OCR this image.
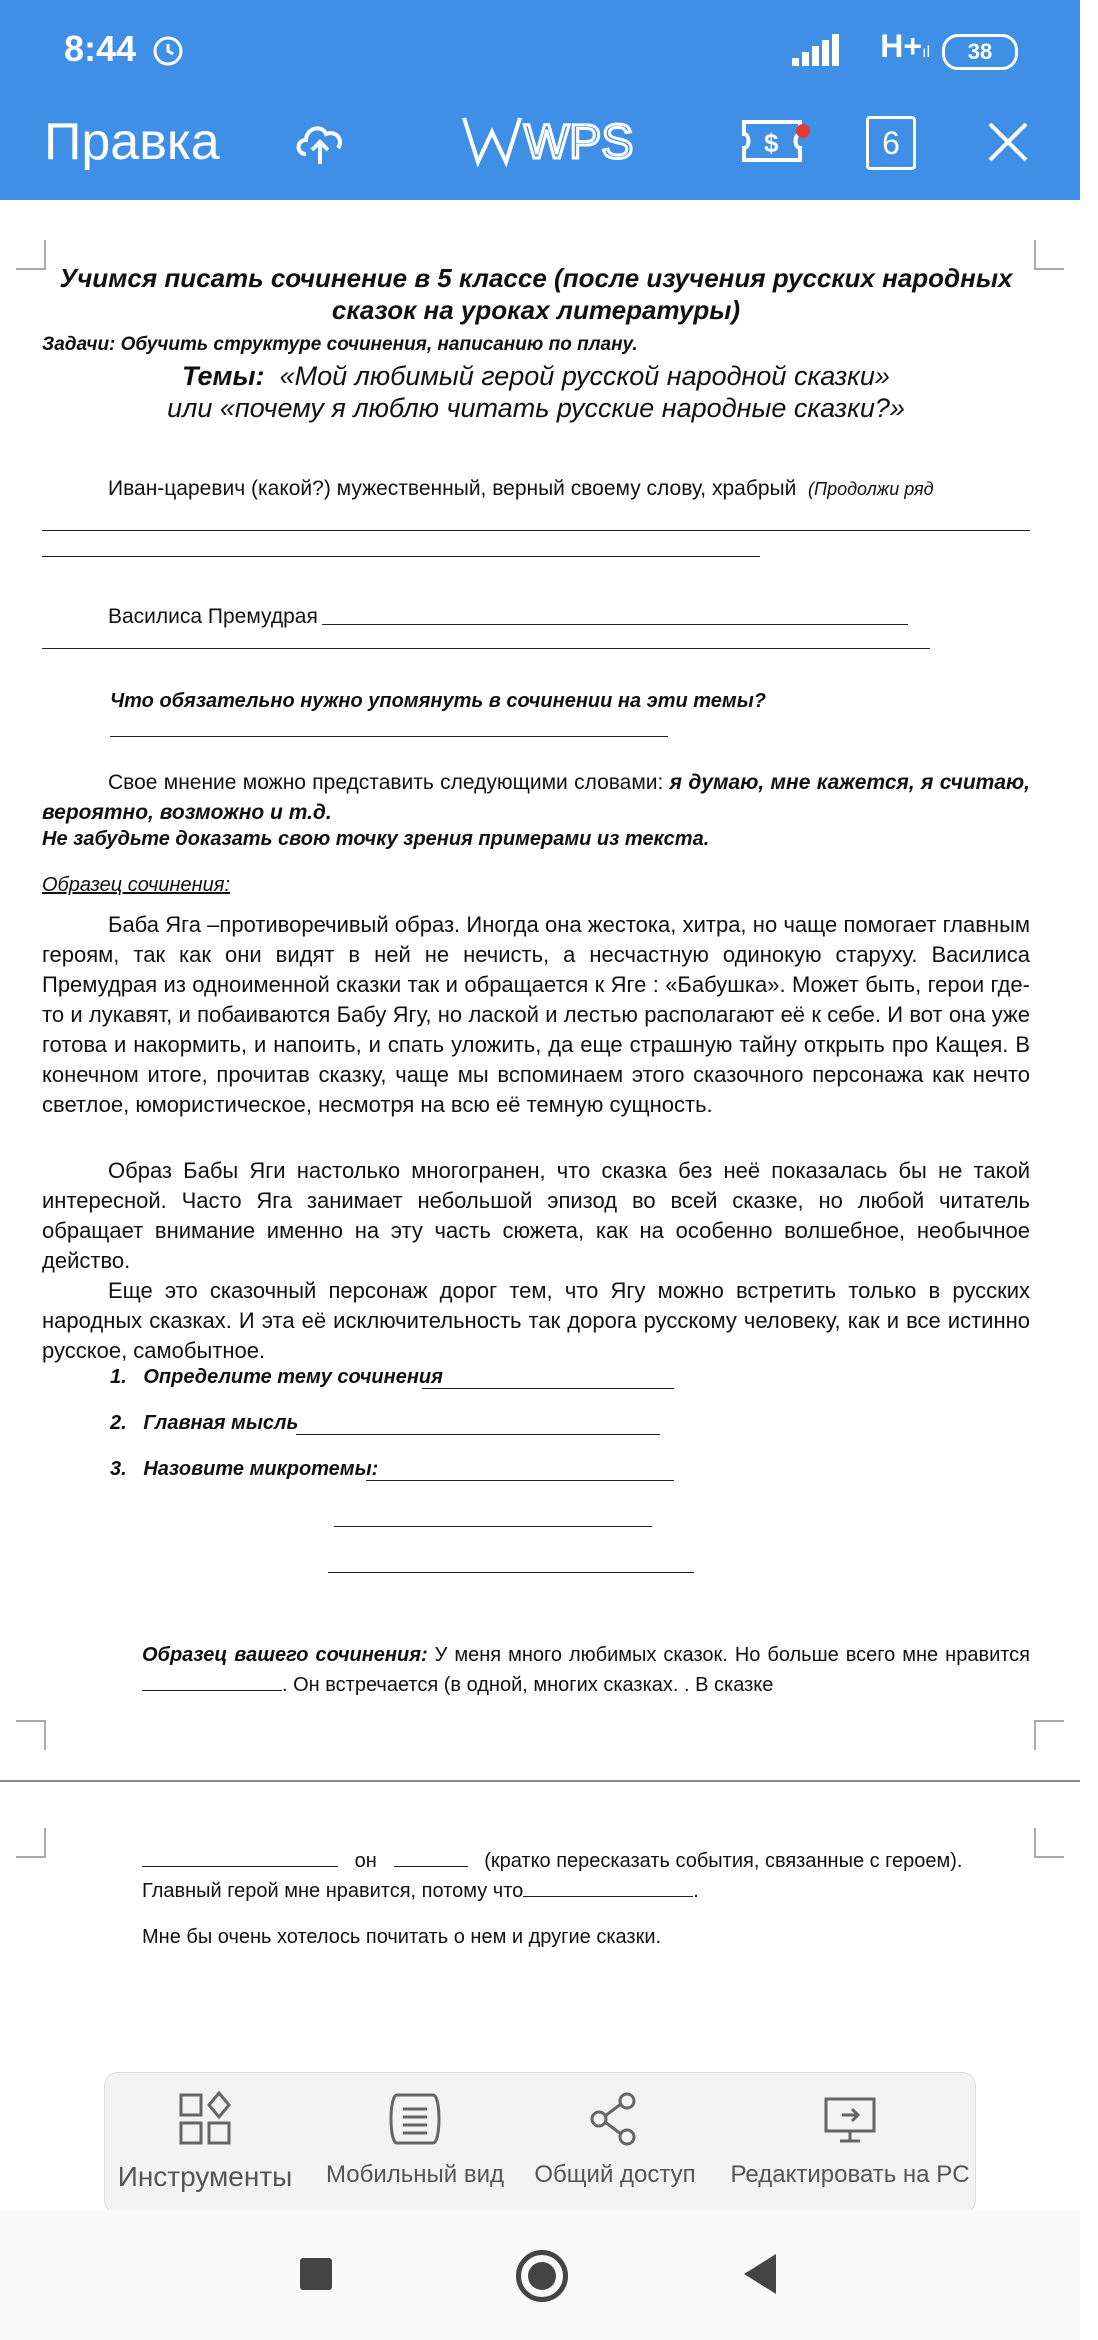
8:44	H+ıl	38
Правка	WPS	$	6
Учимся писать сочинение в 5 классе (после изучения русских народных сказок на уроках литературы)
Задачи: Обучить структуре сочинения, написанию по плану.
Темы: «Мой любимый герой русской народной сказки»
или «почему я люблю читать русские народные сказки?»
Иван-царевич (какой?) мужественный, верный своему слову, храбрый (Продолжи ряд
Василиса Премудрая
Что обязательно нужно упомянуть в сочинении на эти темы?
Свое мнение можно представить следующими словами: я думаю, мне кажется, я считаю, вероятно, возможно и т.д.
Не забудьте доказать свою точку зрения примерами из текста.
Образец сочинения:
Баба Яга –противоречивый образ. Иногда она жестока, хитра, но чаще помогает главным героям, так как они видят в ней не нечисть, а несчастную одинокую старуху. Василиса Премудрая из одноименной сказки так и обращается к Яге : «Бабушка». Может быть, герои где-то и лукавят, и побаиваются Бабу Ягу, но лаской и лестью располагают её к себе. И вот она уже готова и накормить, и напоить, и спать уложить, да еще страшную тайну открыть про Кащея. В конечном итоге, прочитав сказку, чаще мы вспоминаем этого сказочного персонажа как нечто светлое, юмористическое, несмотря на всю её темную сущность.
Образ Бабы Яги настолько многогранен, что сказка без неё показалась бы не такой интересной. Часто Яга занимает небольшой эпизод во всей сказке, но любой читатель обращает внимание именно на эту часть сюжета, как на особенно волшебное, необычное действо.
Еще это сказочный персонаж дорог тем, что Ягу можно встретить только в русских народных сказках. И эта её исключительность так дорога русскому человеку, как и все истинно русское, самобытное.
1. Определите тему сочинения
2. Главная мысль
3. Назовите микротемы:
Образец вашего сочинения: У меня много любимых сказок. Но больше всего мне нравится . Он встречается (в одной, многих сказках. . В сказке
он	(кратко пересказать события, связанные с героем).
Главный герой мне нравится, потому что	.
Мне бы очень хотелось почитать о нем и другие сказки.
Инструменты	Мобильный вид	Общий доступ	Редактировать на PC
